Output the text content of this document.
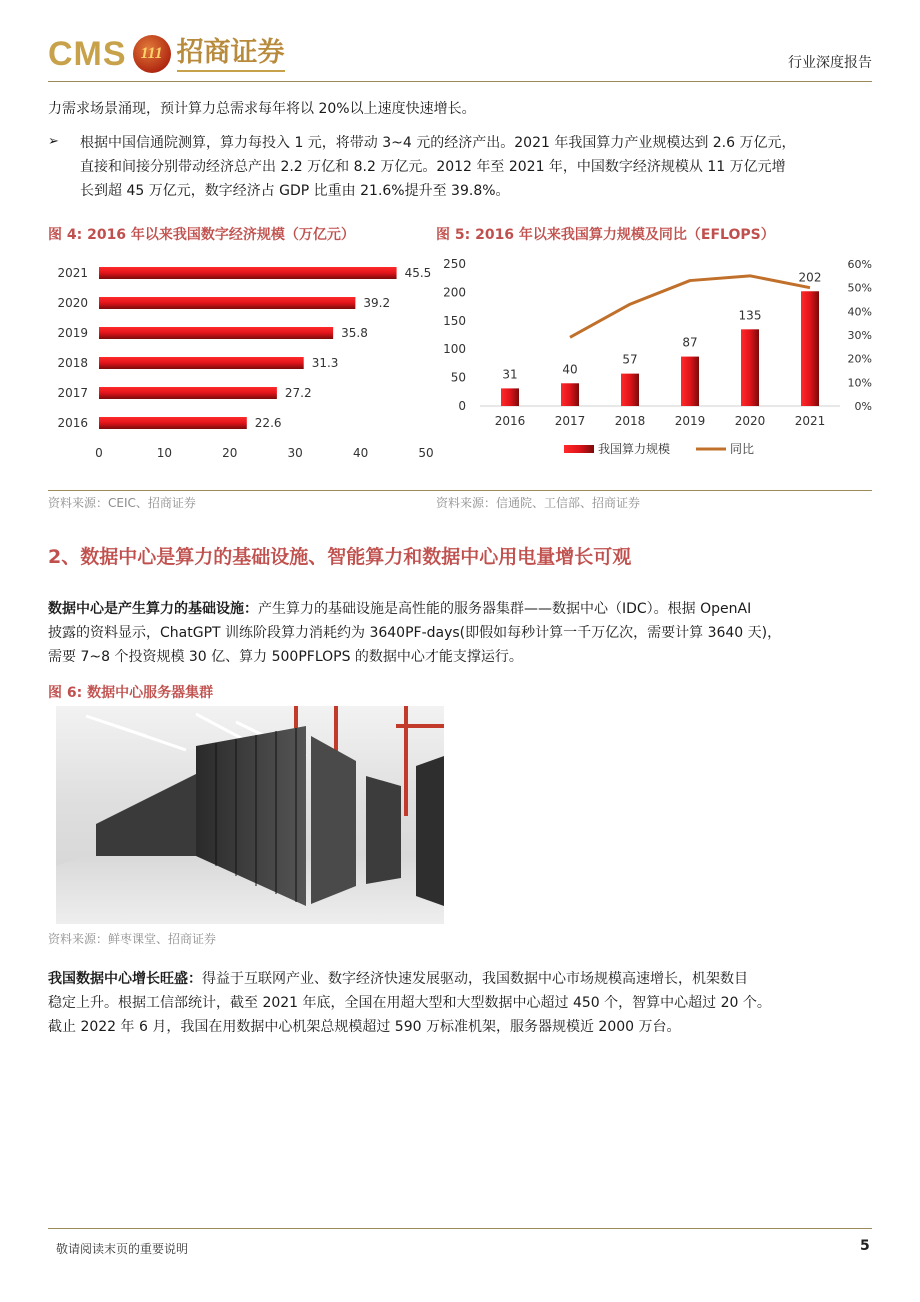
CMS 111 招商证券	行业深度报告
力需求场景涌现，预计算力总需求每年将以 20%以上速度快速增长。
➢ 根据中国信通院测算，算力每投入 1 元，将带动 3~4 元的经济产出。2021 年我国算力产业规模达到 2.6 万亿元，
直接和间接分别带动经济总产出 2.2 万亿和 8.2 万亿元。2012 年至 2021 年，中国数字经济规模从 11 万亿元增
长到超 45 万亿元，数字经济占 GDP 比重由 21.6%提升至 39.8%。
图 4: 2016 年以来我国数字经济规模（万亿元）	图 5: 2016 年以来我国算力规模及同比（EFLOPS）
2021	45.5
2020	39.2
2019	35.8
2018	31.3
2017	27.2
2016	22.6
0	10	20	30	40	50
0
50
100
150
200
250
0%
10%
20%
30%
40%
50%
60%
31
2016
40
2017
57
2018
87
2019
135
2020
202
2021
我国算力规模	同比
资料来源：CEIC、招商证券	资料来源：信通院、工信部、招商证券
2、数据中心是算力的基础设施、智能算力和数据中心用电量增长可观
数据中心是产生算力的基础设施：产生算力的基础设施是高性能的服务器集群——数据中心（IDC）。根据 OpenAI
披露的资料显示，ChatGPT 训练阶段算力消耗约为 3640PF-days(即假如每秒计算一千万亿次，需要计算 3640 天)，
需要 7~8 个投资规模 30 亿、算力 500PFLOPS 的数据中心才能支撑运行。
图 6: 数据中心服务器集群
资料来源：鲜枣课堂、招商证券
我国数据中心增长旺盛：得益于互联网产业、数字经济快速发展驱动，我国数据中心市场规模高速增长，机架数目
稳定上升。根据工信部统计，截至 2021 年底，全国在用超大型和大型数据中心超过 450 个，智算中心超过 20 个。
截止 2022 年 6 月，我国在用数据中心机架总规模超过 590 万标准机架，服务器规模近 2000 万台。
敬请阅读末页的重要说明	5
